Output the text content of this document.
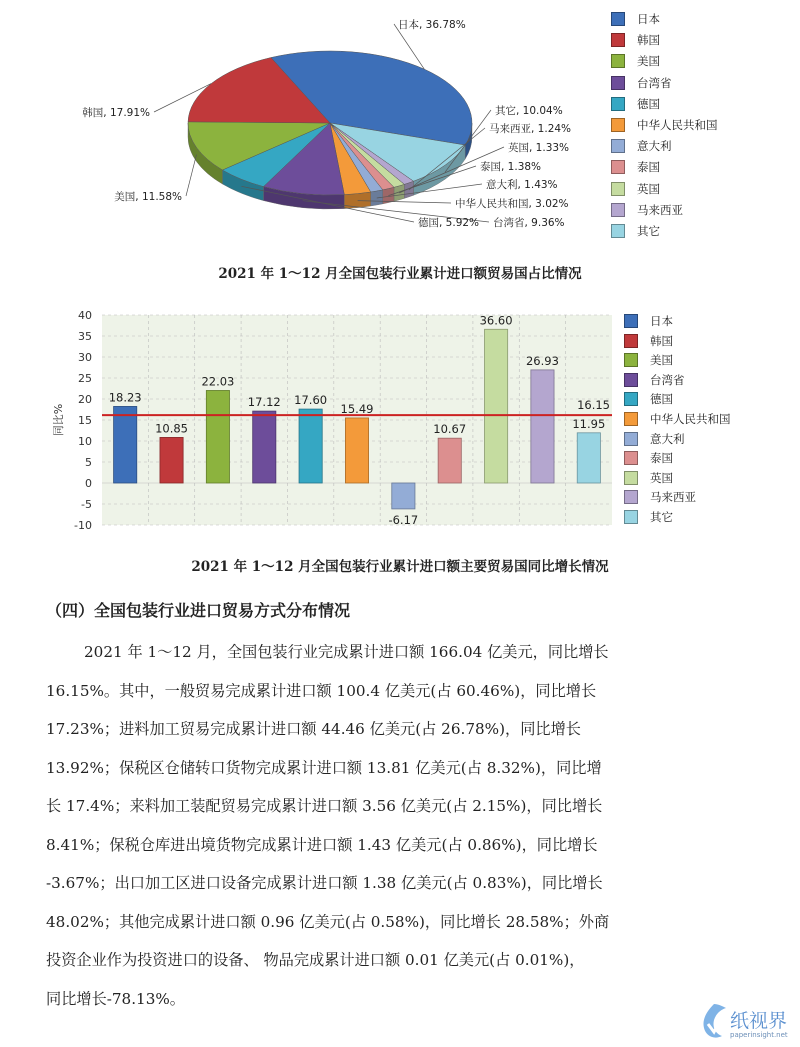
日本, 36.78%
其它, 10.04%
马来西亚, 1.24%
英国, 1.33%
泰国, 1.38%
意大利, 1.43%
中华人民共和国, 3.02%
台湾省, 9.36%
德国, 5.92%
美国, 11.58%
韩国, 17.91%
日本
韩国
美国
台湾省
德国
中华人民共和国
意大利
泰国
英国
马来西亚
其它
2021 年 1～12 月全国包装行业累计进口额贸易国占比情况
-10
-5
0
5
10
15
20
25
30
35
40
同比%
18.23
10.85
22.03
17.12 17.60
15.49
-6.17
10.67
36.60
26.93
11.95
16.15
日本
韩国
美国
台湾省
德国
中华人民共和国
意大利
泰国
英国
马来西亚
其它
2021 年 1～12 月全国包装行业累计进口额主要贸易国同比增长情况
（四）全国包装行业进口贸易方式分布情况
2021 年 1～12 月，全国包装行业完成累计进口额 166.04 亿美元，同比增长
16.15%。其中，一般贸易完成累计进口额 100.4 亿美元(占 60.46%)，同比增长
17.23%；进料加工贸易完成累计进口额 44.46 亿美元(占 26.78%)，同比增长
13.92%；保税区仓储转口货物完成累计进口额 13.81 亿美元(占 8.32%)，同比增
长 17.4%；来料加工装配贸易完成累计进口额 3.56 亿美元(占 2.15%)，同比增长
8.41%；保税仓库进出境货物完成累计进口额 1.43 亿美元(占 0.86%)，同比增长
-3.67%；出口加工区进口设备完成累计进口额 1.38 亿美元(占 0.83%)，同比增长
48.02%；其他完成累计进口额 0.96 亿美元(占 0.58%)，同比增长 28.58%；外商
投资企业作为投资进口的设备、 物品完成累计进口额 0.01 亿美元(占 0.01%)，
同比增长-78.13%。
纸视界
paperinsight.net
